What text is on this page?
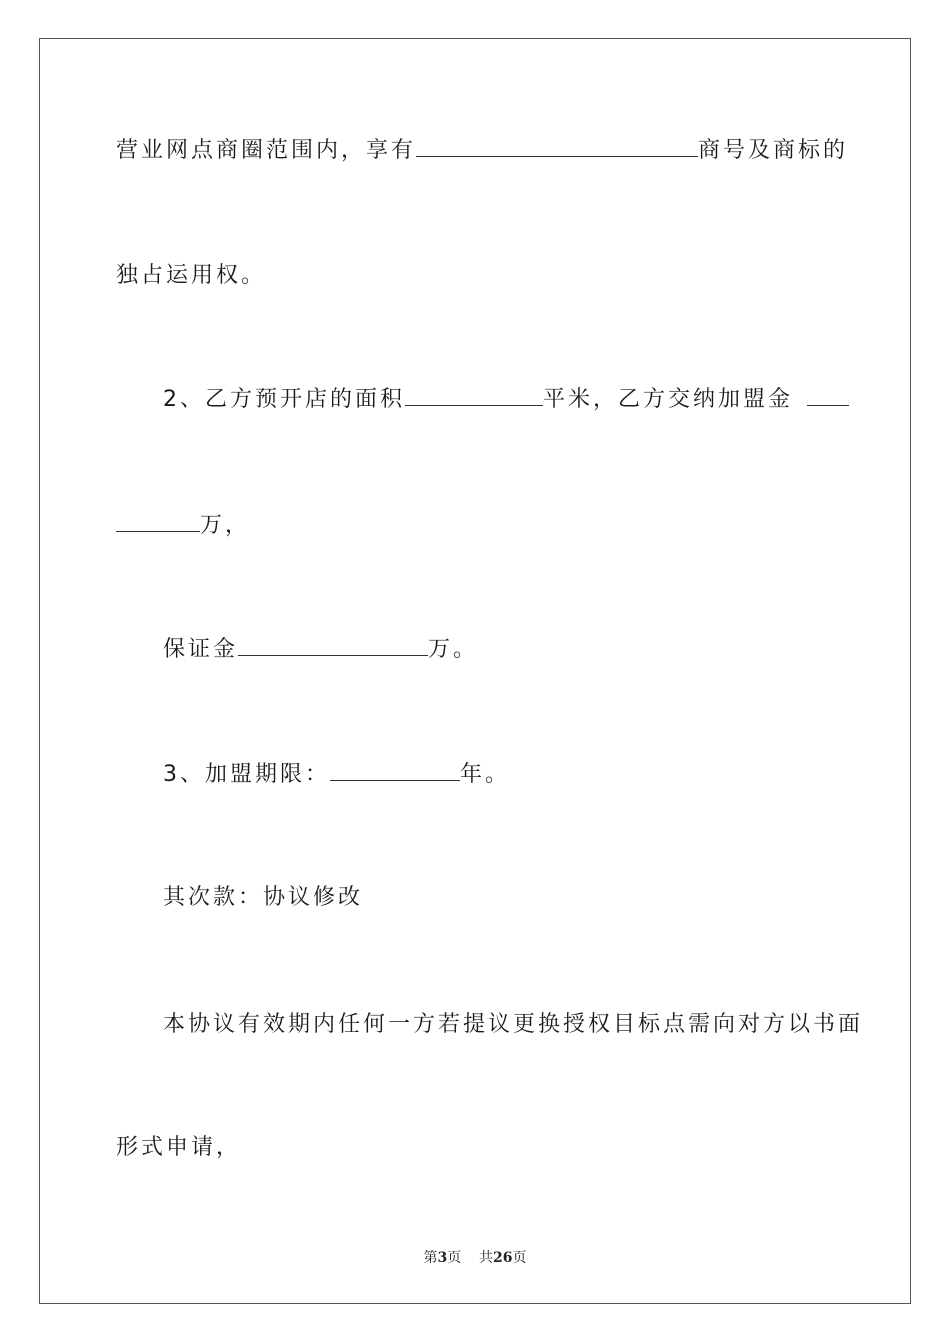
营业网点商圈范围内，享有	商号及商标的
独占运用权。
2、乙方预开店的面积	平米，乙方交纳加盟金
万，
保证金	万。
3、加盟期限：	年。
其次款：协议修改
本协议有效期内任何一方若提议更换授权目标点需向对方以书面
形式申请，
第3页 共26页
